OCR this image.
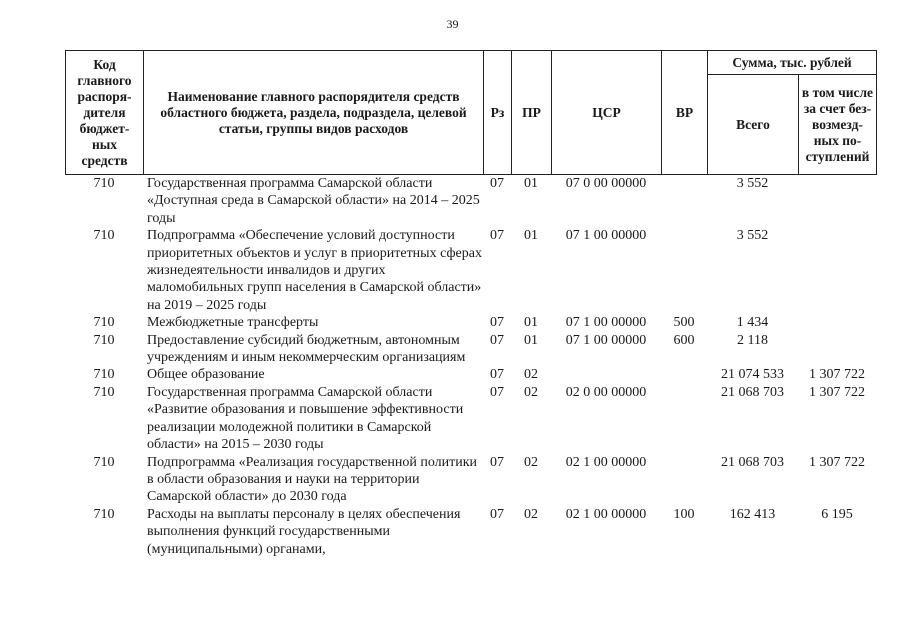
39
Код главного распоря-дителя бюджет-ных средств	Наименование главного распорядителя средств областного бюджета, раздела, подраздела, целевой статьи, группы видов расходов	Рз	ПР	ЦСР	ВР	Сумма, тыс. рублей	
						Всего	в том числе за счет без-возмезд-ных по-ступлений
710	Государственная программа Самарской области «Доступная среда в Самарской области» на 2014 – 2025 годы	07	01	07 0 00 00000		3 552	
710	Подпрограмма «Обеспечение условий доступности приоритетных объектов и услуг в приоритетных сферах жизнедеятельности инвалидов и других маломобильных групп населения в Самарской области» на 2019 – 2025 годы	07	01	07 1 00 00000		3 552	
710	Межбюджетные трансферты	07	01	07 1 00 00000	500	1 434	
710	Предоставление субсидий бюджетным, автономным учреждениям и иным некоммерческим организациям	07	01	07 1 00 00000	600	2 118	
710	Общее образование	07	02			21 074 533	1 307 722
710	Государственная программа Самарской области «Развитие образования и повышение эффективности реализации молодежной политики в Самарской области» на 2015 – 2030 годы	07	02	02 0 00 00000		21 068 703	1 307 722
710	Подпрограмма «Реализация государственной политики в области образования и науки на территории Самарской области» до 2030 года	07	02	02 1 00 00000		21 068 703	1 307 722
710	Расходы на выплаты персоналу в целях обеспечения выполнения функций государственными (муниципальными) органами,	07	02	02 1 00 00000	100	162 413	6 195
